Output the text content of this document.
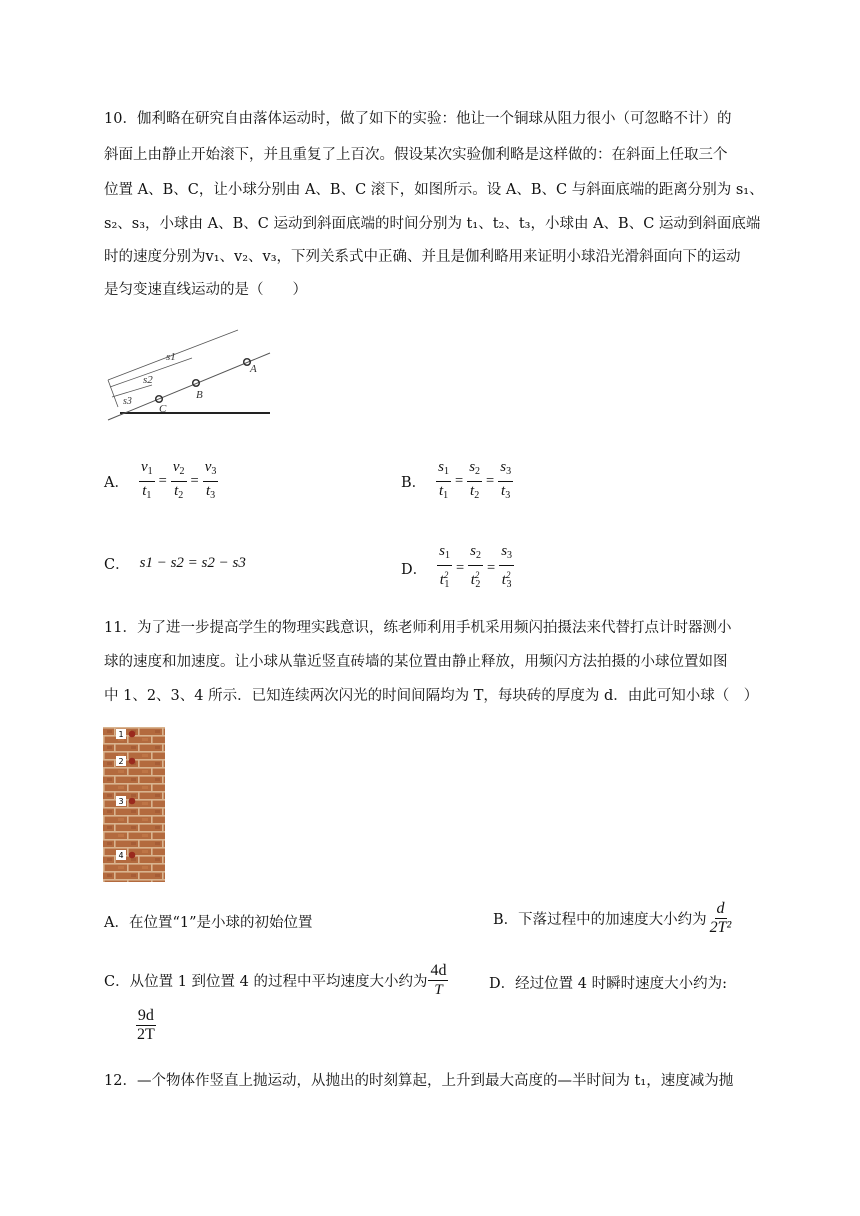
10．伽利略在研究自由落体运动时，做了如下的实验：他让一个铜球从阻力很小（可忽略不计）的
斜面上由静止开始滚下，并且重复了上百次。假设某次实验伽利略是这样做的：在斜面上任取三个
位置 A、B、C，让小球分别由 A、B、C 滚下，如图所示。设 A、B、C 与斜面底端的距离分别为 s₁、
s₂、s₃，小球由 A、B、C 运动到斜面底端的时间分别为 t₁、t₂、t₃，小球由 A、B、C 运动到斜面底端
时的速度分别为v₁、v₂、v₃，下列关系式中正确、并且是伽利略用来证明小球沿光滑斜面向下的运动
是匀变速直线运动的是（　　）
s1
s2
s3
A
B
C
A． $\frac{v_1}{t_1} = \frac{v_2}{t_2} = \frac{v_3}{t_3}$	B． $\frac{s_1}{t_1} = \frac{s_2}{t_2} = \frac{s_3}{t_3}$
C． s1 − s2 = s2 − s3	D． $\frac{s_1}{t^2_1} = \frac{s_2}{t^2_2} = \frac{s_3}{t^2_3}$
11．为了进一步提高学生的物理实践意识，练老师利用手机采用频闪拍摄法来代替打点计时器测小
球的速度和加速度。让小球从靠近竖直砖墙的某位置由静止释放，用频闪方法拍摄的小球位置如图
中 1、2、3、4 所示．已知连续两次闪光的时间间隔均为 T，每块砖的厚度为 d．由此可知小球（　）
1
2
3
4
A．在位置“1”是小球的初始位置	B．下落过程中的加速度大小约为 $\frac{d}{\text{2T²}}$
C．从位置 1 到位置 4 的过程中平均速度大小约为 $\frac{4d}{T}$	D．经过位置 4 时瞬时速度大小约为:
$\frac{9d}{2T}$
12．—个物体作竖直上抛运动，从抛出的时刻算起，上升到最大高度的—半时间为 t₁，速度减为抛
